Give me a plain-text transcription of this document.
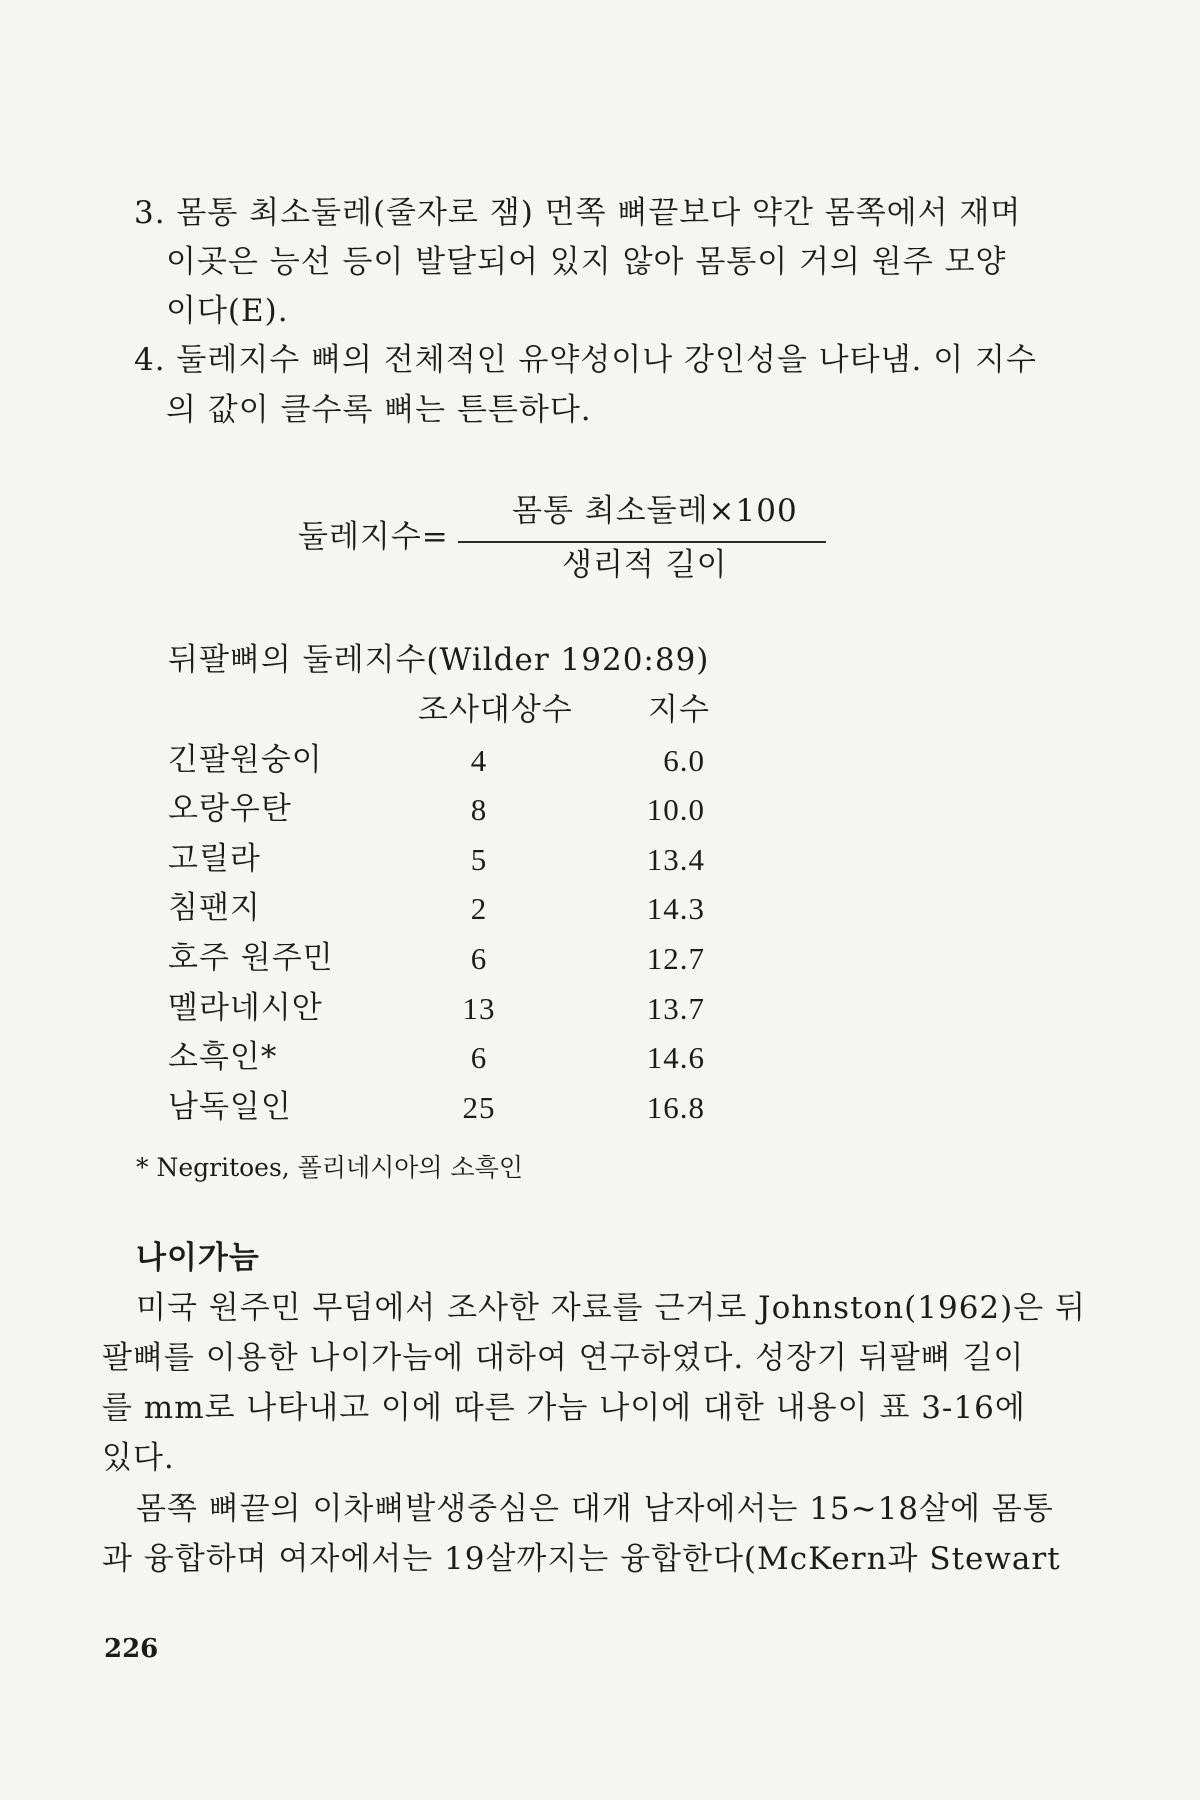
3. 몸통 최소둘레(줄자로 잼) 먼쪽 뼈끝보다 약간 몸쪽에서 재며
이곳은 능선 등이 발달되어 있지 않아 몸통이 거의 원주 모양
이다(E).
4. 둘레지수 뼈의 전체적인 유약성이나 강인성을 나타냄. 이 지수
의 값이 클수록 뼈는 튼튼하다.
둘레지수=
몸통 최소둘레×100
생리적 길이
뒤팔뼈의 둘레지수(Wilder 1920:89)
조사대상수 지수
긴팔원숭이	4	6.0
오랑우탄	8	10.0
고릴라	5	13.4
침팬지	2	14.3
호주 원주민	6	12.7
멜라네시안	13	13.7
소흑인*	6	14.6
남독일인	25	16.8
* Negritoes, 폴리네시아의 소흑인
나이가늠
미국 원주민 무덤에서 조사한 자료를 근거로 Johnston(1962)은 뒤
팔뼈를 이용한 나이가늠에 대하여 연구하였다. 성장기 뒤팔뼈 길이
를 mm로 나타내고 이에 따른 가늠 나이에 대한 내용이 표 3-16에
있다.
몸쪽 뼈끝의 이차뼈발생중심은 대개 남자에서는 15~18살에 몸통
과 융합하며 여자에서는 19살까지는 융합한다(McKern과 Stewart
226
